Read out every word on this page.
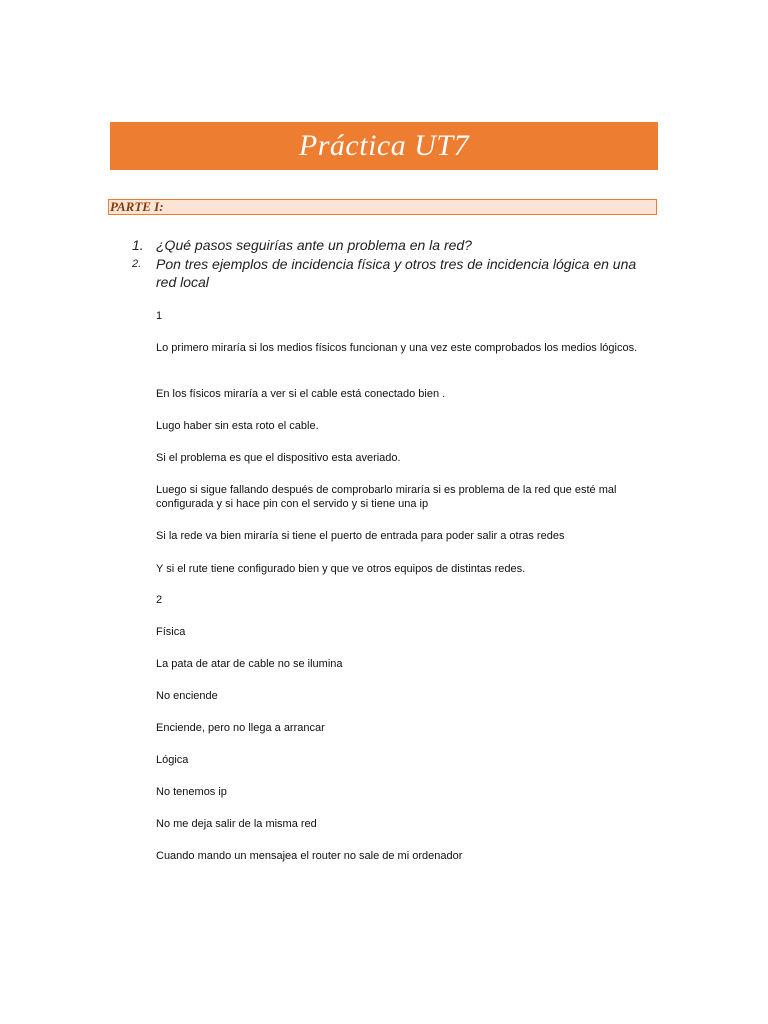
Práctica UT7
PARTE I:
1. ¿Qué pasos seguirías ante un problema en la red?
2. Pon tres ejemplos de incidencia física y otros tres de incidencia lógica en una red local
1
Lo primero miraría si los medios físicos funcionan y una vez este comprobados los medios lógicos.
En los físicos miraría a ver si el cable está conectado bien .
Lugo haber sin esta roto el cable.
Si el problema es que el dispositivo esta averiado.
Luego si sigue fallando después de comprobarlo miraría si es problema de la red que esté mal configurada y si hace pin con el servido y si tiene una ip
Si la rede va bien miraría si tiene el puerto de entrada para poder salir a otras redes
Y si el rute tiene configurado bien y que ve otros equipos de distintas redes.
2
Física
La pata de atar de cable no se ilumina
No enciende
Enciende, pero no llega a arrancar
Lógica
No tenemos ip
No me deja salir de la misma red
Cuando mando un mensajea el router no sale de mi ordenador
